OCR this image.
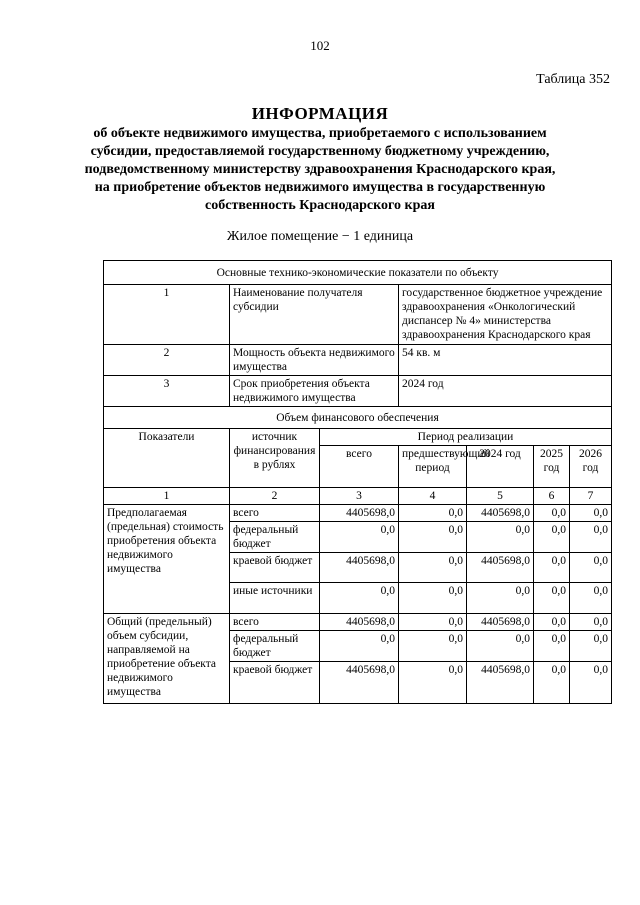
102
Таблица 352
ИНФОРМАЦИЯ
об объекте недвижимого имущества, приобретаемого с использованием
субсидии, предоставляемой государственному бюджетному учреждению,
подведомственному министерству здравоохранения Краснодарского края,
на приобретение объектов недвижимого имущества в государственную
собственность Краснодарского края
Жилое помещение − 1 единица
Основные технико-экономические показатели по объекту						
1	Наименование получателя субсидии		государственное бюджетное учреждение здравоохранения «Онкологический диспансер № 4» министерства здравоохранения Краснодарского края			
2	Мощность объекта недвижимого имущества		54 кв. м			
3	Срок приобретения объекта недвижимого имущества		2024 год			
Объем финансового обеспечения						
Показатели	источник финансирования в рублях	Период реализации				
		всего	предшествующий период	2024 год	2025 год	2026 год
1	2	3	4	5	6	7
Предполагаемая (предельная) стоимость приобретения объекта недвижимого имущества	всего	4405698,0	0,0	4405698,0	0,0	0,0
	федеральный бюджет	0,0	0,0	0,0	0,0	0,0
	краевой бюджет	4405698,0	0,0	4405698,0	0,0	0,0
	иные источники	0,0	0,0	0,0	0,0	0,0
Общий (предельный) объем субсидии, направляемой на приобретение объекта недвижимого имущества	всего	4405698,0	0,0	4405698,0	0,0	0,0
	федеральный бюджет	0,0	0,0	0,0	0,0	0,0
	краевой бюджет	4405698,0	0,0	4405698,0	0,0	0,0
